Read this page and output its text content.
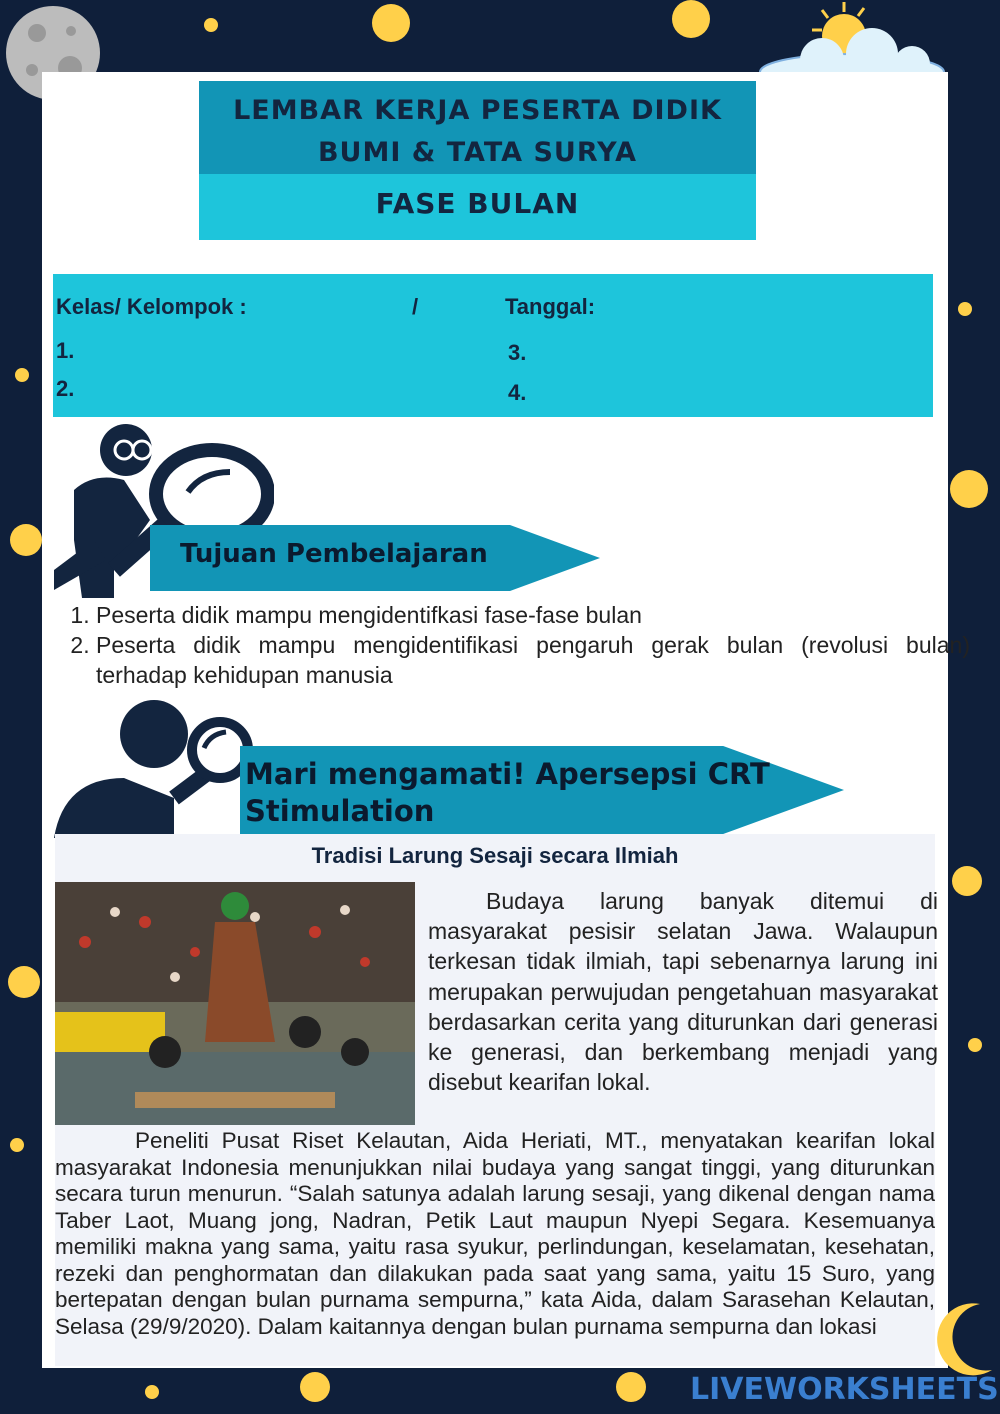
LEMBAR KERJA PESERTA DIDIK
BUMI & TATA SURYA
FASE BULAN
Kelas/ Kelompok :	/	Tanggal:
1.
2.
3.
4.
Tujuan Pembelajaran
1. Peserta didik mampu mengidentifkasi fase-fase bulan
2. Peserta didik mampu mengidentifikasi pengaruh gerak bulan (revolusi bulan) terhadap kehidupan manusia
Mari mengamati! Apersepsi CRT Stimulation
Tradisi Larung Sesaji secara Ilmiah

Budaya larung banyak ditemui di masyarakat pesisir selatan Jawa. Walaupun terkesan tidak ilmiah, tapi sebenarnya larung ini merupakan perwujudan pengetahuan masyarakat berdasarkan cerita yang diturunkan dari generasi ke generasi, dan berkembang menjadi yang disebut kearifan lokal.

Peneliti Pusat Riset Kelautan, Aida Heriati, MT., menyatakan kearifan lokal masyarakat Indonesia menunjukkan nilai budaya yang sangat tinggi, yang diturunkan secara turun menurun. “Salah satunya adalah larung sesaji, yang dikenal dengan nama Taber Laot, Muang jong, Nadran, Petik Laut maupun Nyepi Segara. Kesemuanya memiliki makna yang sama, yaitu rasa syukur, perlindungan, keselamatan, kesehatan, rezeki dan penghormatan dan dilakukan pada saat yang sama, yaitu 15 Suro, yang bertepatan dengan bulan purnama sempurna,” kata Aida, dalam Sarasehan Kelautan, Selasa (29/9/2020). Dalam kaitannya dengan bulan purnama sempurna dan lokasi

LIVEWORKSHEETS
